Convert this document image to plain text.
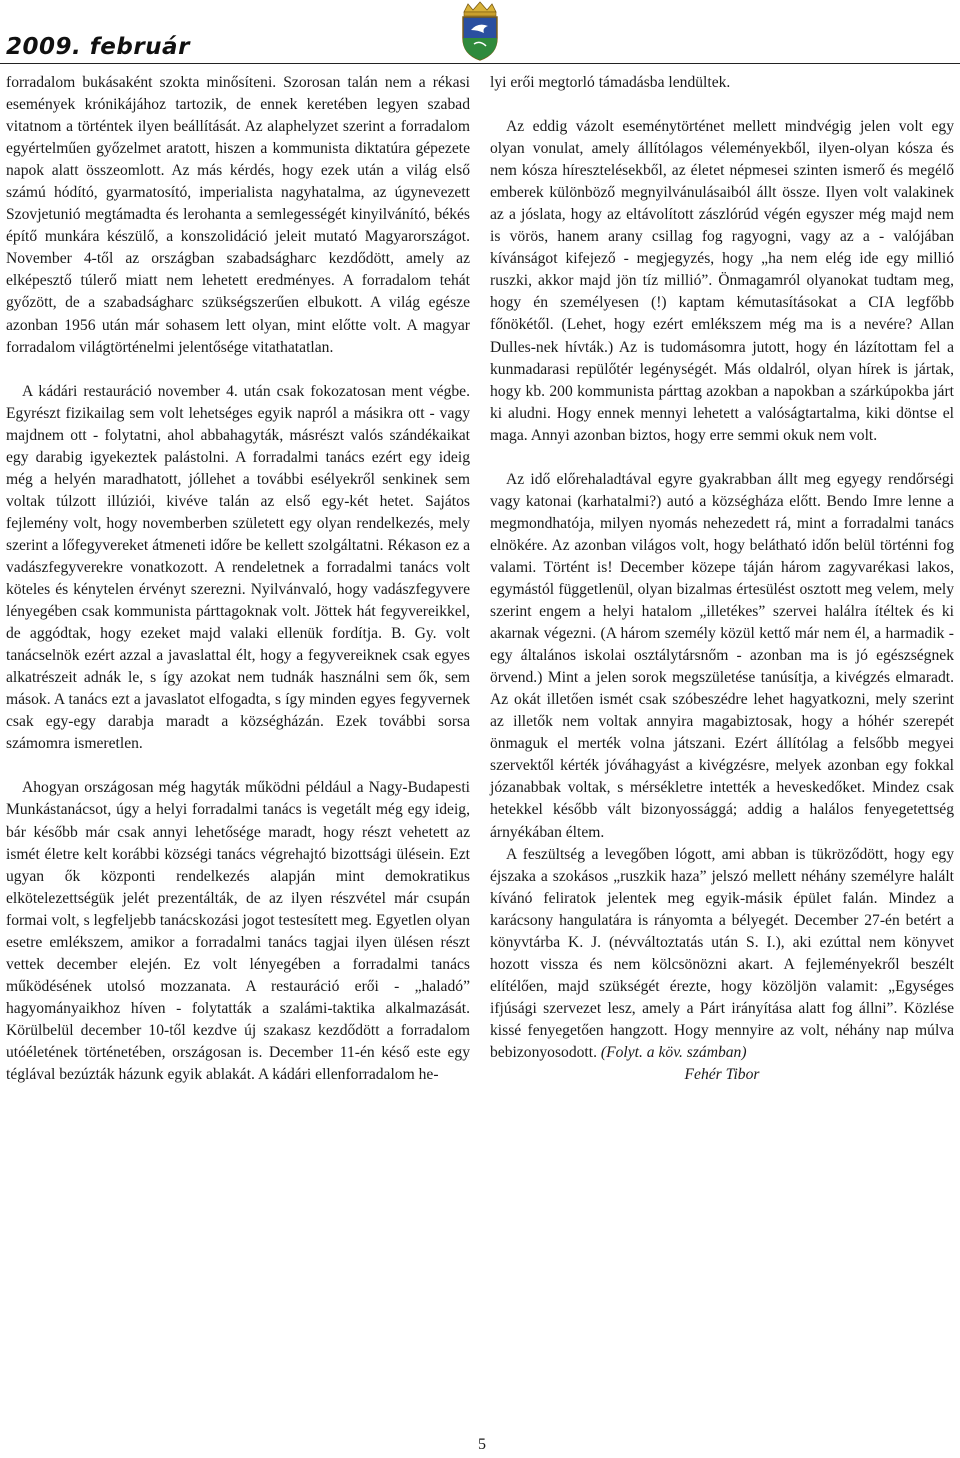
2009. február

forradalom bukásaként szokta minősíteni. Szorosan talán nem a rékasi események krónikájához tartozik, de ennek keretében legyen szabad vitatnom a történtek ilyen beállítását. Az alaphelyzet szerint a forradalom egyértelműen győzelmet aratott, hiszen a kommunista diktatúra gépezete napok alatt összeomlott. Az más kérdés, hogy ezek után a világ első számú hódító, gyarmatosító, imperialista nagyhatalma, az úgynevezett Szovjetunió megtámadta és lerohanta a semlegességét kinyilvánító, békés építő munkára készülő, a konszolidáció jeleit mutató Magyarországot. November 4-től az országban szabadságharc kezdődött, amely az elképesztő túlerő miatt nem lehetett eredményes. A forradalom tehát győzött, de a szabadságharc szükségszerűen elbukott. A világ egésze azonban 1956 után már sohasem lett olyan, mint előtte volt. A magyar forradalom világtörténelmi jelentősége vitathatatlan.

A kádári restauráció november 4. után csak fokozatosan ment végbe. Egyrészt fizikailag sem volt lehetséges egyik napról a másikra ott - vagy majdnem ott - folytatni, ahol abbahagyták, másrészt valós szándékaikat egy darabig igyekeztek palástolni. A forradalmi tanács ezért egy ideig még a helyén maradhatott, jóllehet a további esélyekről senkinek sem voltak túlzott illúziói, kivéve talán az első egy-két hetet. Sajátos fejlemény volt, hogy novemberben született egy olyan rendelkezés, mely szerint a lőfegyvereket átmeneti időre be kellett szolgáltatni. Rékason ez a vadászfegyverekre vonatkozott. A rendeletnek a forradalmi tanács volt köteles és kénytelen érvényt szerezni. Nyilvánvaló, hogy vadászfegyvere lényegében csak kommunista párttagoknak volt. Jöttek hát fegyvereikkel, de aggódtak, hogy ezeket majd valaki ellenük fordítja. B. Gy. volt tanácselnök ezért azzal a javaslattal élt, hogy a fegyvereiknek csak egyes alkatrészeit adnák le, s így azokat nem tudnák használni sem ők, sem mások. A tanács ezt a javaslatot elfogadta, s így minden egyes fegyvernek csak egy-egy darabja maradt a községházán. Ezek további sorsa számomra ismeretlen.

Ahogyan országosan még hagyták működni például a Nagy-Budapesti Munkástanácsot, úgy a helyi forradalmi tanács is vegetált még egy ideig, bár később már csak annyi lehetősége maradt, hogy részt vehetett az ismét életre kelt korábbi községi tanács végrehajtó bizottsági ülésein. Ezt ugyan ők központi rendelkezés alapján mint demokratikus elkötelezettségük jelét prezentálták, de az ilyen részvétel már csupán formai volt, s legfeljebb tanácskozási jogot testesített meg. Egyetlen olyan esetre emlékszem, amikor a forradalmi tanács tagjai ilyen ülésen részt vettek december elején. Ez volt lényegében a forradalmi tanács működésének utolsó mozzanata. A restauráció erői - „haladó” hagyományaikhoz híven - folytatták a szalámi-taktika alkalmazását. Körülbelül december 10-től kezdve új szakasz kezdődött a forradalom utóéletének történetében, országosan is. December 11-én késő este egy téglával bezúzták házunk egyik ablakát. A kádári ellenforradalom he-

lyi erői megtorló támadásba lendültek.

Az eddig vázolt eseménytörténet mellett mindvégig jelen volt egy olyan vonulat, amely állítólagos véleményekből, ilyen-olyan kósza és nem kósza híresztelésekből, az életet népmesei szinten ismerő és megélő emberek különböző megnyilvánulásaiból állt össze. Ilyen volt valakinek az a jóslata, hogy az eltávolított zászlórúd végén egyszer még majd nem is vörös, hanem arany csillag fog ragyogni, vagy az a - valójában kívánságot kifejező - megjegyzés, hogy „ha nem elég ide egy millió ruszki, akkor majd jön tíz millió”. Önmagamról olyanokat tudtam meg, hogy én személyesen (!) kaptam kémutasításokat a CIA legfőbb főnökétől. (Lehet, hogy ezért emlékszem még ma is a nevére? Allan Dulles-nek hívták.) Az is tudomásomra jutott, hogy én lázítottam fel a kunmadarasi repülőtér legénységét. Más oldalról, olyan hírek is jártak, hogy kb. 200 kommunista párttag azokban a napokban a szárkúpokba járt ki aludni. Hogy ennek mennyi lehetett a valóságtartalma, kiki döntse el maga. Annyi azonban biztos, hogy erre semmi okuk nem volt.

Az idő előrehaladtával egyre gyakrabban állt meg egyegy rendőrségi vagy katonai (karhatalmi?) autó a községháza előtt. Bendo Imre lenne a megmondhatója, milyen nyomás nehezedett rá, mint a forradalmi tanács elnökére. Az azonban világos volt, hogy belátható időn belül történni fog valami. Történt is! December közepe táján három zagyvarékasi lakos, egymástól függetlenül, olyan bizalmas értesülést osztott meg velem, mely szerint engem a helyi hatalom „illetékes” szervei halálra ítéltek és ki akarnak végezni. (A három személy közül kettő már nem él, a harmadik - egy általános iskolai osztálytársnőm - azonban ma is jó egészségnek örvend.) Mint a jelen sorok megszületése tanúsítja, a kivégzés elmaradt. Az okát illetően ismét csak szóbeszédre lehet hagyatkozni, mely szerint az illetők nem voltak annyira magabiztosak, hogy a hóhér szerepét önmaguk el merték volna játszani. Ezért állítólag a felsőbb megyei szervektől kérték jóváhagyást a kivégzésre, melyek azonban egy fokkal józanabbak voltak, s mérsékletre intették a heveskedőket. Mindez csak hetekkel később vált bizonyossággá; addig a halálos fenyegetettség árnyékában éltem.

A feszültség a levegőben lógott, ami abban is tükröződött, hogy egy éjszaka a szokásos „ruszkik haza” jelszó mellett néhány személyre halált kívánó feliratok jelentek meg egyik-másik épület falán. Mindez a karácsony hangulatára is rányomta a bélyegét. December 27-én betért a könyvtárba K. J. (névváltoztatás után S. I.), aki ezúttal nem könyvet hozott vissza és nem kölcsönözni akart. A fejleményekről beszélt elítélően, majd szükségét érezte, hogy közöljön valamit: „Egységes ifjúsági szervezet lesz, amely a Párt irányítása alatt fog állni”. Közlése kissé fenyegetően hangzott. Hogy mennyire az volt, néhány nap múlva bebizonyosodott. (Folyt. a köv. számban)

Fehér Tibor

5
